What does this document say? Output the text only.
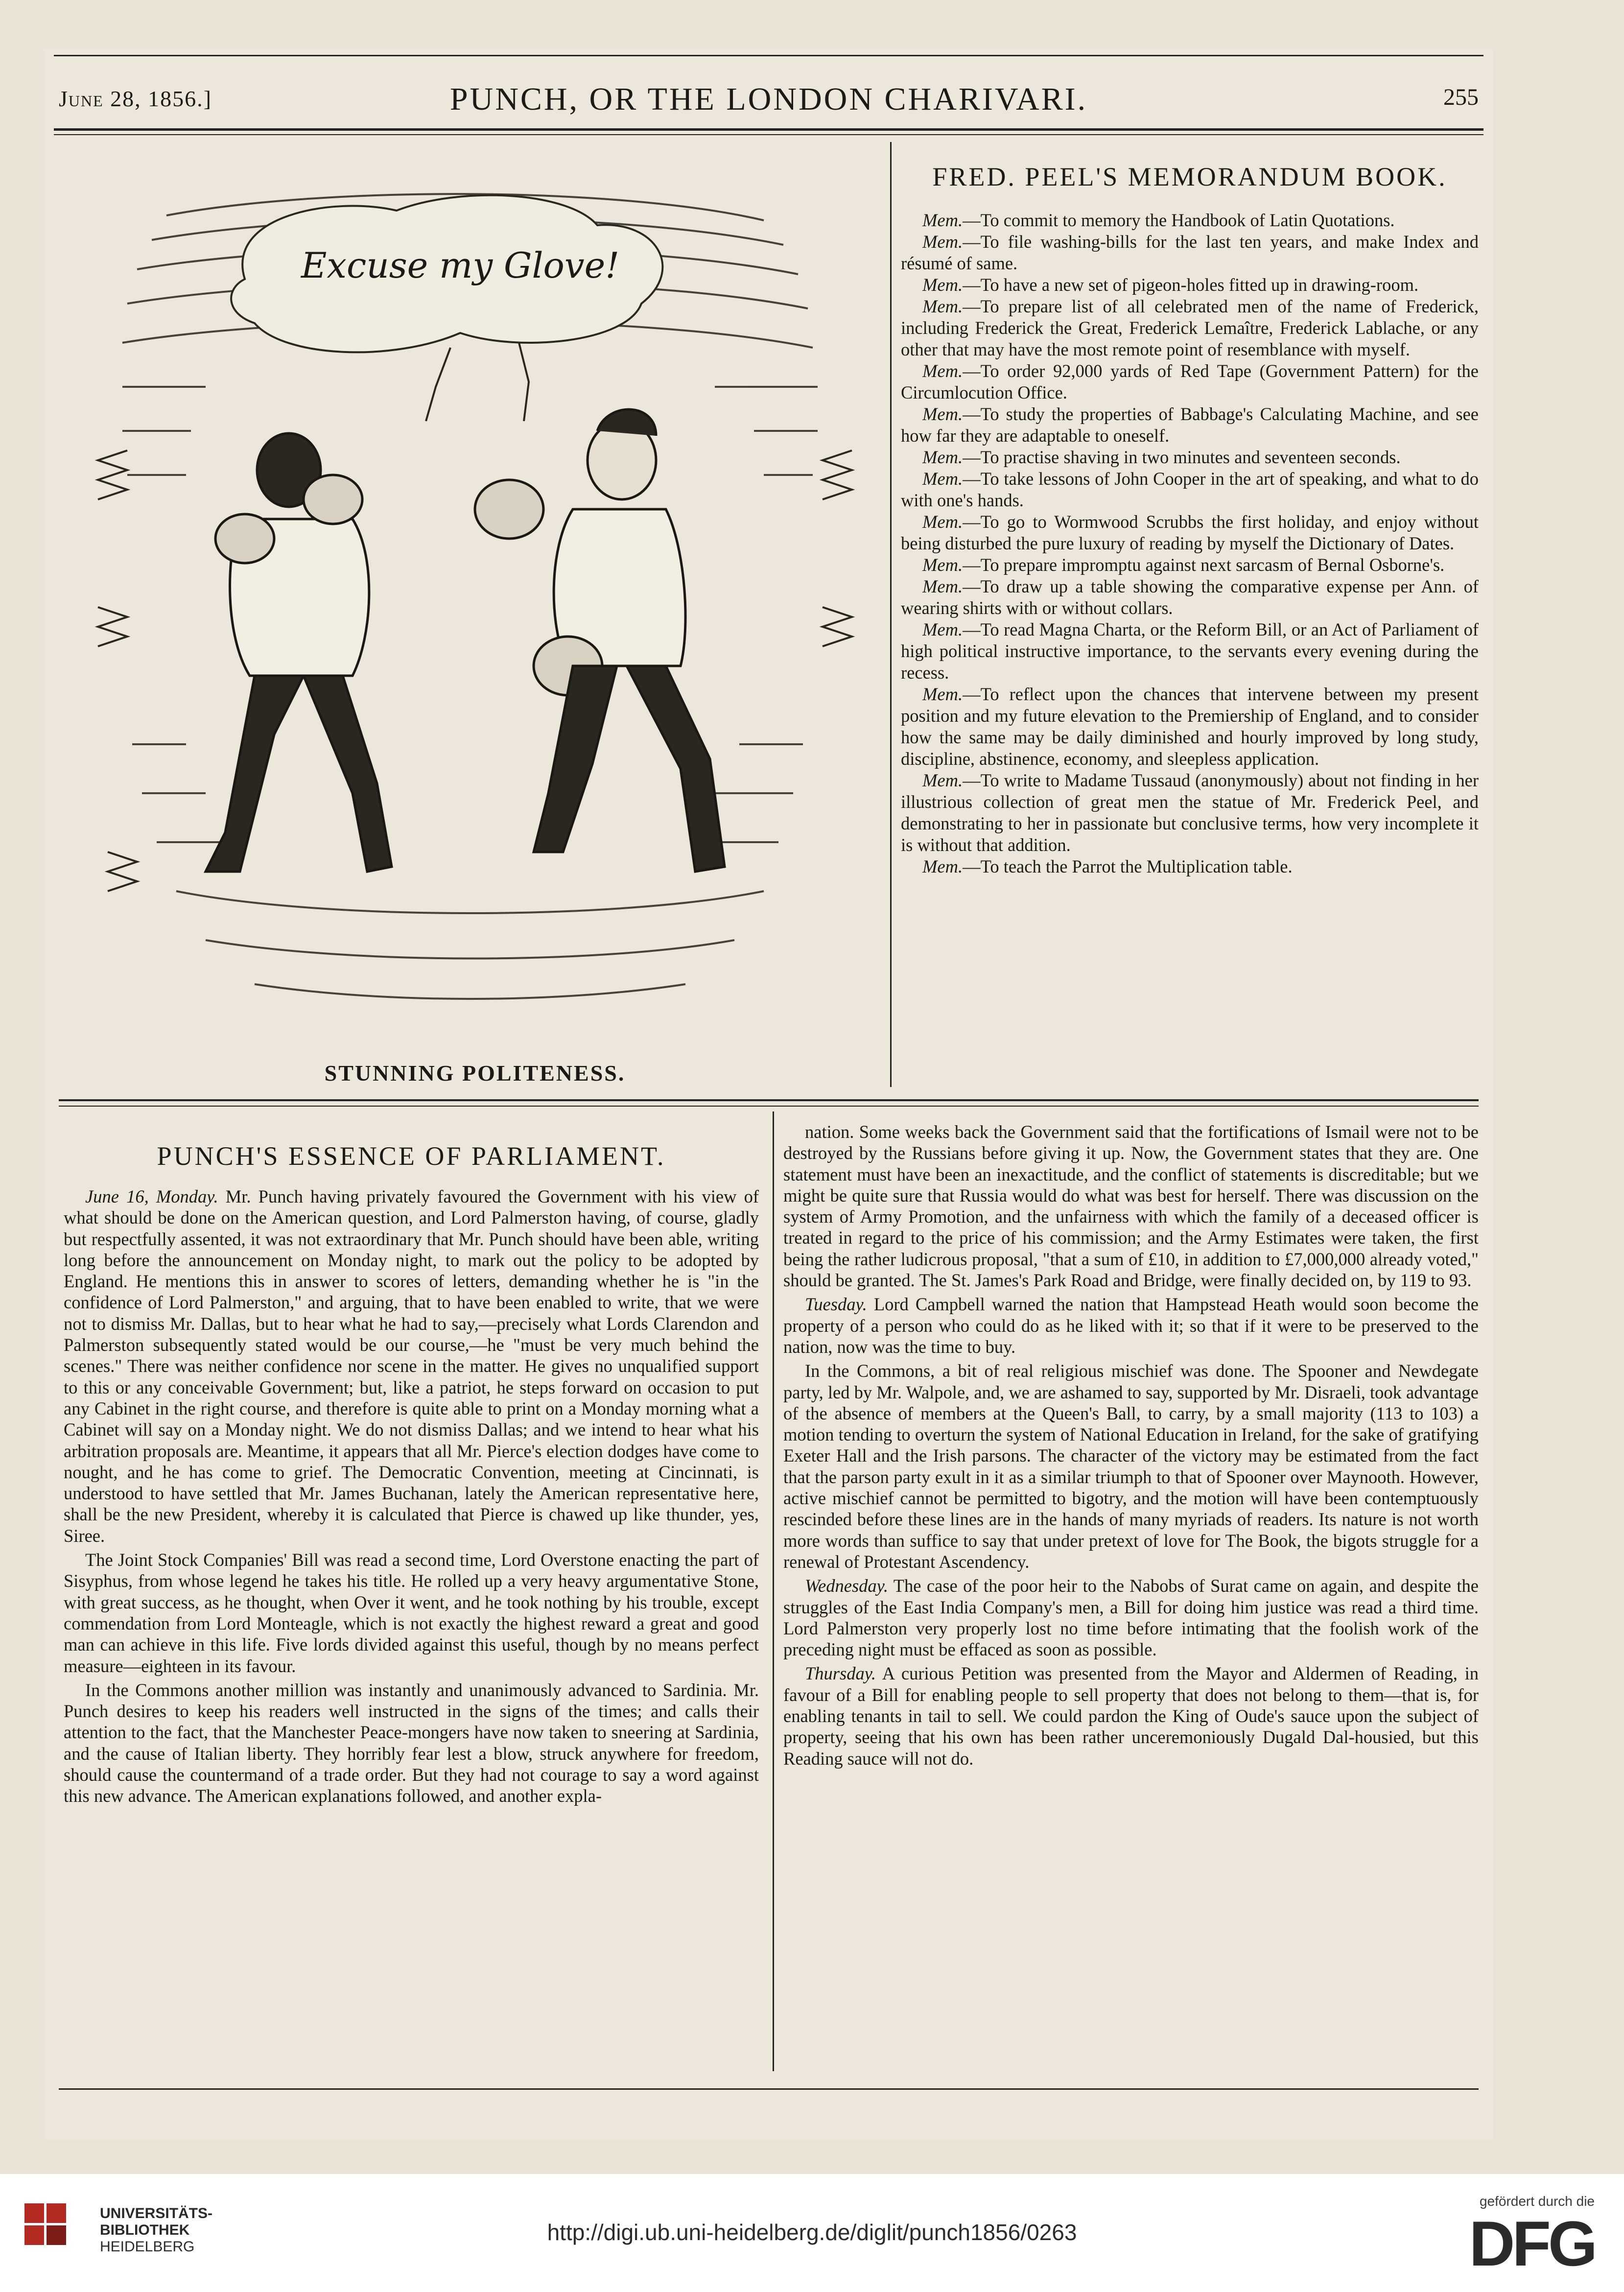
June 28, 1856.]	PUNCH, OR THE LONDON CHARIVARI.	255
Excuse my Glove!
STUNNING POLITENESS.
FRED. PEEL'S MEMORANDUM BOOK.

Mem.—To commit to memory the Handbook of Latin Quotations.

Mem.—To file washing-bills for the last ten years, and make Index and résumé of same.

Mem.—To have a new set of pigeon-holes fitted up in drawing-room.

Mem.—To prepare list of all celebrated men of the name of Frederick, including Frederick the Great, Frederick Lemaître, Frederick Lablache, or any other that may have the most remote point of resemblance with myself.

Mem.—To order 92,000 yards of Red Tape (Government Pattern) for the Circumlocution Office.

Mem.—To study the properties of Babbage's Calculating Machine, and see how far they are adaptable to oneself.

Mem.—To practise shaving in two minutes and seventeen seconds.

Mem.—To take lessons of John Cooper in the art of speaking, and what to do with one's hands.

Mem.—To go to Wormwood Scrubbs the first holiday, and enjoy without being disturbed the pure luxury of reading by myself the Dictionary of Dates.

Mem.—To prepare impromptu against next sarcasm of Bernal Osborne's.

Mem.—To draw up a table showing the comparative expense per Ann. of wearing shirts with or without collars.

Mem.—To read Magna Charta, or the Reform Bill, or an Act of Parliament of high political instructive importance, to the servants every evening during the recess.

Mem.—To reflect upon the chances that intervene between my present position and my future elevation to the Premiership of England, and to consider how the same may be daily diminished and hourly improved by long study, discipline, abstinence, economy, and sleepless application.

Mem.—To write to Madame Tussaud (anonymously) about not finding in her illustrious collection of great men the statue of Mr. Frederick Peel, and demonstrating to her in passionate but conclusive terms, how very incomplete it is without that addition.

Mem.—To teach the Parrot the Multiplication table.

PUNCH'S ESSENCE OF PARLIAMENT.

June 16, Monday. Mr. Punch having privately favoured the Government with his view of what should be done on the American question, and Lord Palmerston having, of course, gladly but respectfully assented, it was not extraordinary that Mr. Punch should have been able, writing long before the announcement on Monday night, to mark out the policy to be adopted by England. He mentions this in answer to scores of letters, demanding whether he is "in the confidence of Lord Palmerston," and arguing, that to have been enabled to write, that we were not to dismiss Mr. Dallas, but to hear what he had to say,—precisely what Lords Clarendon and Palmerston subsequently stated would be our course,—he "must be very much behind the scenes." There was neither confidence nor scene in the matter. He gives no unqualified support to this or any conceivable Government; but, like a patriot, he steps forward on occasion to put any Cabinet in the right course, and therefore is quite able to print on a Monday morning what a Cabinet will say on a Monday night. We do not dismiss Dallas; and we intend to hear what his arbitration proposals are. Meantime, it appears that all Mr. Pierce's election dodges have come to nought, and he has come to grief. The Democratic Convention, meeting at Cincinnati, is understood to have settled that Mr. James Buchanan, lately the American representative here, shall be the new President, whereby it is calculated that Pierce is chawed up like thunder, yes, Siree.

The Joint Stock Companies' Bill was read a second time, Lord Overstone enacting the part of Sisyphus, from whose legend he takes his title. He rolled up a very heavy argumentative Stone, with great success, as he thought, when Over it went, and he took nothing by his trouble, except commendation from Lord Monteagle, which is not exactly the highest reward a great and good man can achieve in this life. Five lords divided against this useful, though by no means perfect measure—eighteen in its favour.

In the Commons another million was instantly and unanimously advanced to Sardinia. Mr. Punch desires to keep his readers well instructed in the signs of the times; and calls their attention to the fact, that the Manchester Peace-mongers have now taken to sneering at Sardinia, and the cause of Italian liberty. They horribly fear lest a blow, struck anywhere for freedom, should cause the countermand of a trade order. But they had not courage to say a word against this new advance. The American explanations followed, and another expla-

nation. Some weeks back the Government said that the fortifications of Ismail were not to be destroyed by the Russians before giving it up. Now, the Government states that they are. One statement must have been an inexactitude, and the conflict of statements is discreditable; but we might be quite sure that Russia would do what was best for herself. There was discussion on the system of Army Promotion, and the unfairness with which the family of a deceased officer is treated in regard to the price of his commission; and the Army Estimates were taken, the first being the rather ludicrous proposal, "that a sum of £10, in addition to £7,000,000 already voted," should be granted. The St. James's Park Road and Bridge, were finally decided on, by 119 to 93.

Tuesday. Lord Campbell warned the nation that Hampstead Heath would soon become the property of a person who could do as he liked with it; so that if it were to be preserved to the nation, now was the time to buy.

In the Commons, a bit of real religious mischief was done. The Spooner and Newdegate party, led by Mr. Walpole, and, we are ashamed to say, supported by Mr. Disraeli, took advantage of the absence of members at the Queen's Ball, to carry, by a small majority (113 to 103) a motion tending to overturn the system of National Education in Ireland, for the sake of gratifying Exeter Hall and the Irish parsons. The character of the victory may be estimated from the fact that the parson party exult in it as a similar triumph to that of Spooner over Maynooth. However, active mischief cannot be permitted to bigotry, and the motion will have been contemptuously rescinded before these lines are in the hands of many myriads of readers. Its nature is not worth more words than suffice to say that under pretext of love for The Book, the bigots struggle for a renewal of Protestant Ascendency.

Wednesday. The case of the poor heir to the Nabobs of Surat came on again, and despite the struggles of the East India Company's men, a Bill for doing him justice was read a third time. Lord Palmerston very properly lost no time before intimating that the foolish work of the preceding night must be effaced as soon as possible.

Thursday. A curious Petition was presented from the Mayor and Aldermen of Reading, in favour of a Bill for enabling people to sell property that does not belong to them—that is, for enabling tenants in tail to sell. We could pardon the King of Oude's sauce upon the subject of property, seeing that his own has been rather unceremoniously Dugald Dal-housied, but this Reading sauce will not do.

UNIVERSITÄTS-
BIBLIOTHEK
HEIDELBERG
http://digi.ub.uni-heidelberg.de/diglit/punch1856/0263
gefördert durch die
DFG
